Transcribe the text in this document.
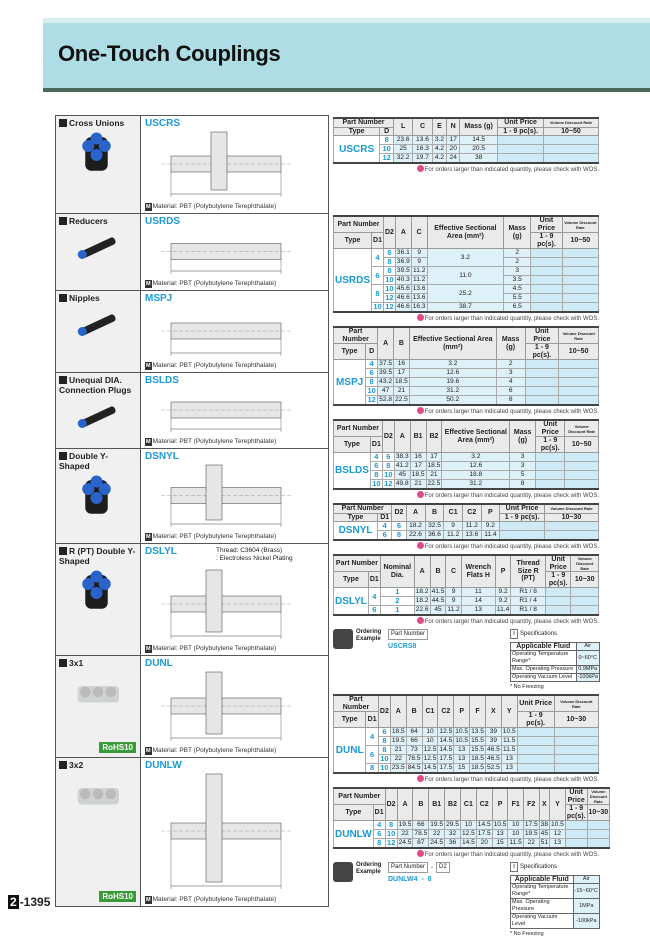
One-Touch Couplings
Cross Unions	USCRS
M Material: PBT (Polybutylene Terephthalate)
Reducers	USRDS
M Material: PBT (Polybutylene Terephthalate)
Nipples	MSPJ
M Material: PBT (Polybutylene Terephthalate)
Unequal DIA. Connection Plugs
BSLDS
M Material: PBT (Polybutylene Terephthalate)
Double Y-Shaped
DSNYL
M Material: PBT (Polybutylene Terephthalate)
R (PT) Double Y-Shaped
DSLYL	Thread: C3604 (Brass)
: Electroless Nickel Plating
M Material: PBT (Polybutylene Terephthalate)
3x1
RoHS10
DUNL
M Material: PBT (Polybutylene Terephthalate)
3x2
RoHS10
DUNLW
M Material: PBT (Polybutylene Terephthalate)
Part Number		L	C	E	N	Mass (g)	Unit Price	Volume Discount Rate
Type	D						1 - 9 pc(s).	10~50
USCRS	8	23.6	13.6	3.2	17	14.5		
	10	25	16.3	4.2	20	20.5		
	12	32.2	19.7	4.2	24	38		
For orders larger than indicated quantity, please check with WOS.
Part Number		D2	A	C	Effective Sectional Area (mm²)	Mass (g)	Unit Price	Volume Discount Rate
Type	D1						1 - 9 pc(s).	10~50
USRDS	4	6	36.1	9	3.2	2		
		8	36.9	9		2		
	6	8	39.5	11.2	11.0	3		
		10	40.3	11.2		3.5		
	8	10	45.6	13.6	25.2	4.5		
		12	46.6	13.6		5.5		
	10	12	46.6	16.3	38.7	6.5		
For orders larger than indicated quantity, please check with WOS.
Part Number		A	B	Effective Sectional Area (mm²)	Mass (g)	Unit Price	Volume Discount Rate
Type	D					1 - 9 pc(s).	10~50
MSPJ	4	37.5	16	3.2	2		
	6	39.5	17	12.6	3		
	8	43.2	18.5	19.6	4		
	10	47	21	31.2	6		
	12	52.8	22.5	50.2	8		
For orders larger than indicated quantity, please check with WOS.
Part Number		D2	A	B1	B2	Effective Sectional Area (mm²)	Mass (g)	Unit Price	Volume Discount Rate
Type	D1							1 - 9 pc(s).	10~50
BSLDS	4	6	38.3	16	17	3.2	3		
	6	8	41.2	17	18.5	12.6	3		
	8	10	45	18.5	21	18.8	5		
	10	12	49.8	21	22.5	31.2	8		
For orders larger than indicated quantity, please check with WOS.
Part Number		D2	A	B	C1	C2	P	Unit Price	Volume Discount Rate
Type	D1							1 - 9 pc(s).	10~30
DSNYL	4	6	18.2	32.5	9	11.2	9.2		
	6	8	22.6	36.6	11.2	13.6	11.4		
For orders larger than indicated quantity, please check with WOS.
Part Number		Nominal Dia.	A	B	C	Wrench Flats H	P	Thread Size R (PT)	Unit Price	Volume Discount Rate
Type	D1								1 - 9 pc(s).	10~30
DSLYL	4	1	18.2	41.5	9	11	9.2	R1 / 8		
		2	18.2	44.5	9	14	9.2	R1 / 4		
	6	1	22.6	45	11.2	13	11.4	R1 / 8		
For orders larger than indicated quantity, please check with WOS.
Part Number		D2	A	B	C1	C2	P	F	X	Y	Unit Price	Volume Discount Rate
Type	D1										1 - 9 pc(s).	10~30
DUNL	4	6	18.5	64	10	12.5	10.5	13.5	39	10.5		
		8	19.5	66	10	14.5	10.5	15.5	39	11.5		
	6	8	21	73	12.5	14.5	13	15.5	46.5	11.5		
		10	22	78.5	12.5	17.5	13	18.5	46.5	13		
	8	10	23.5	84.5	14.5	17.5	15	18.5	52.5	13		
For orders larger than indicated quantity, please check with WOS.
Part Number		D2	A	B	B1	B2	C1	C2	P	F1	F2	X	Y	Unit Price	Volume Discount Rate
Type	D1													1 - 9 pc(s).	10~30
DUNLW	4	8	19.5	66	19.5	29.5	10	14.5	10.5	10	17.5	38	10.5		
	6	10	22	78.5	22	32	12.5	17.5	13	10	19.5	45	12		
	8	12	24.5	87	24.5	36	14.5	20	15	11.5	22	51	13		
For orders larger than indicated quantity, please check with WOS.
Ordering Example
Part Number
USCRS8
Ordering Example
Part Number	-	D2
DUNLW4  -  8
i Specifications
Applicable Fluid	Air
Operating Temperature Range*	0~60°C
Max. Operating Pressure	0.9MPa
Operating Vacuum Level	-100kPa
* No Freezing
i Specifications
Applicable Fluid	Air
Operating Temperature Range*	-15~60°C
Max. Operating Pressure	1MPa
Operating Vacuum Level	-100kPa
* No Freezing
2 -1395
